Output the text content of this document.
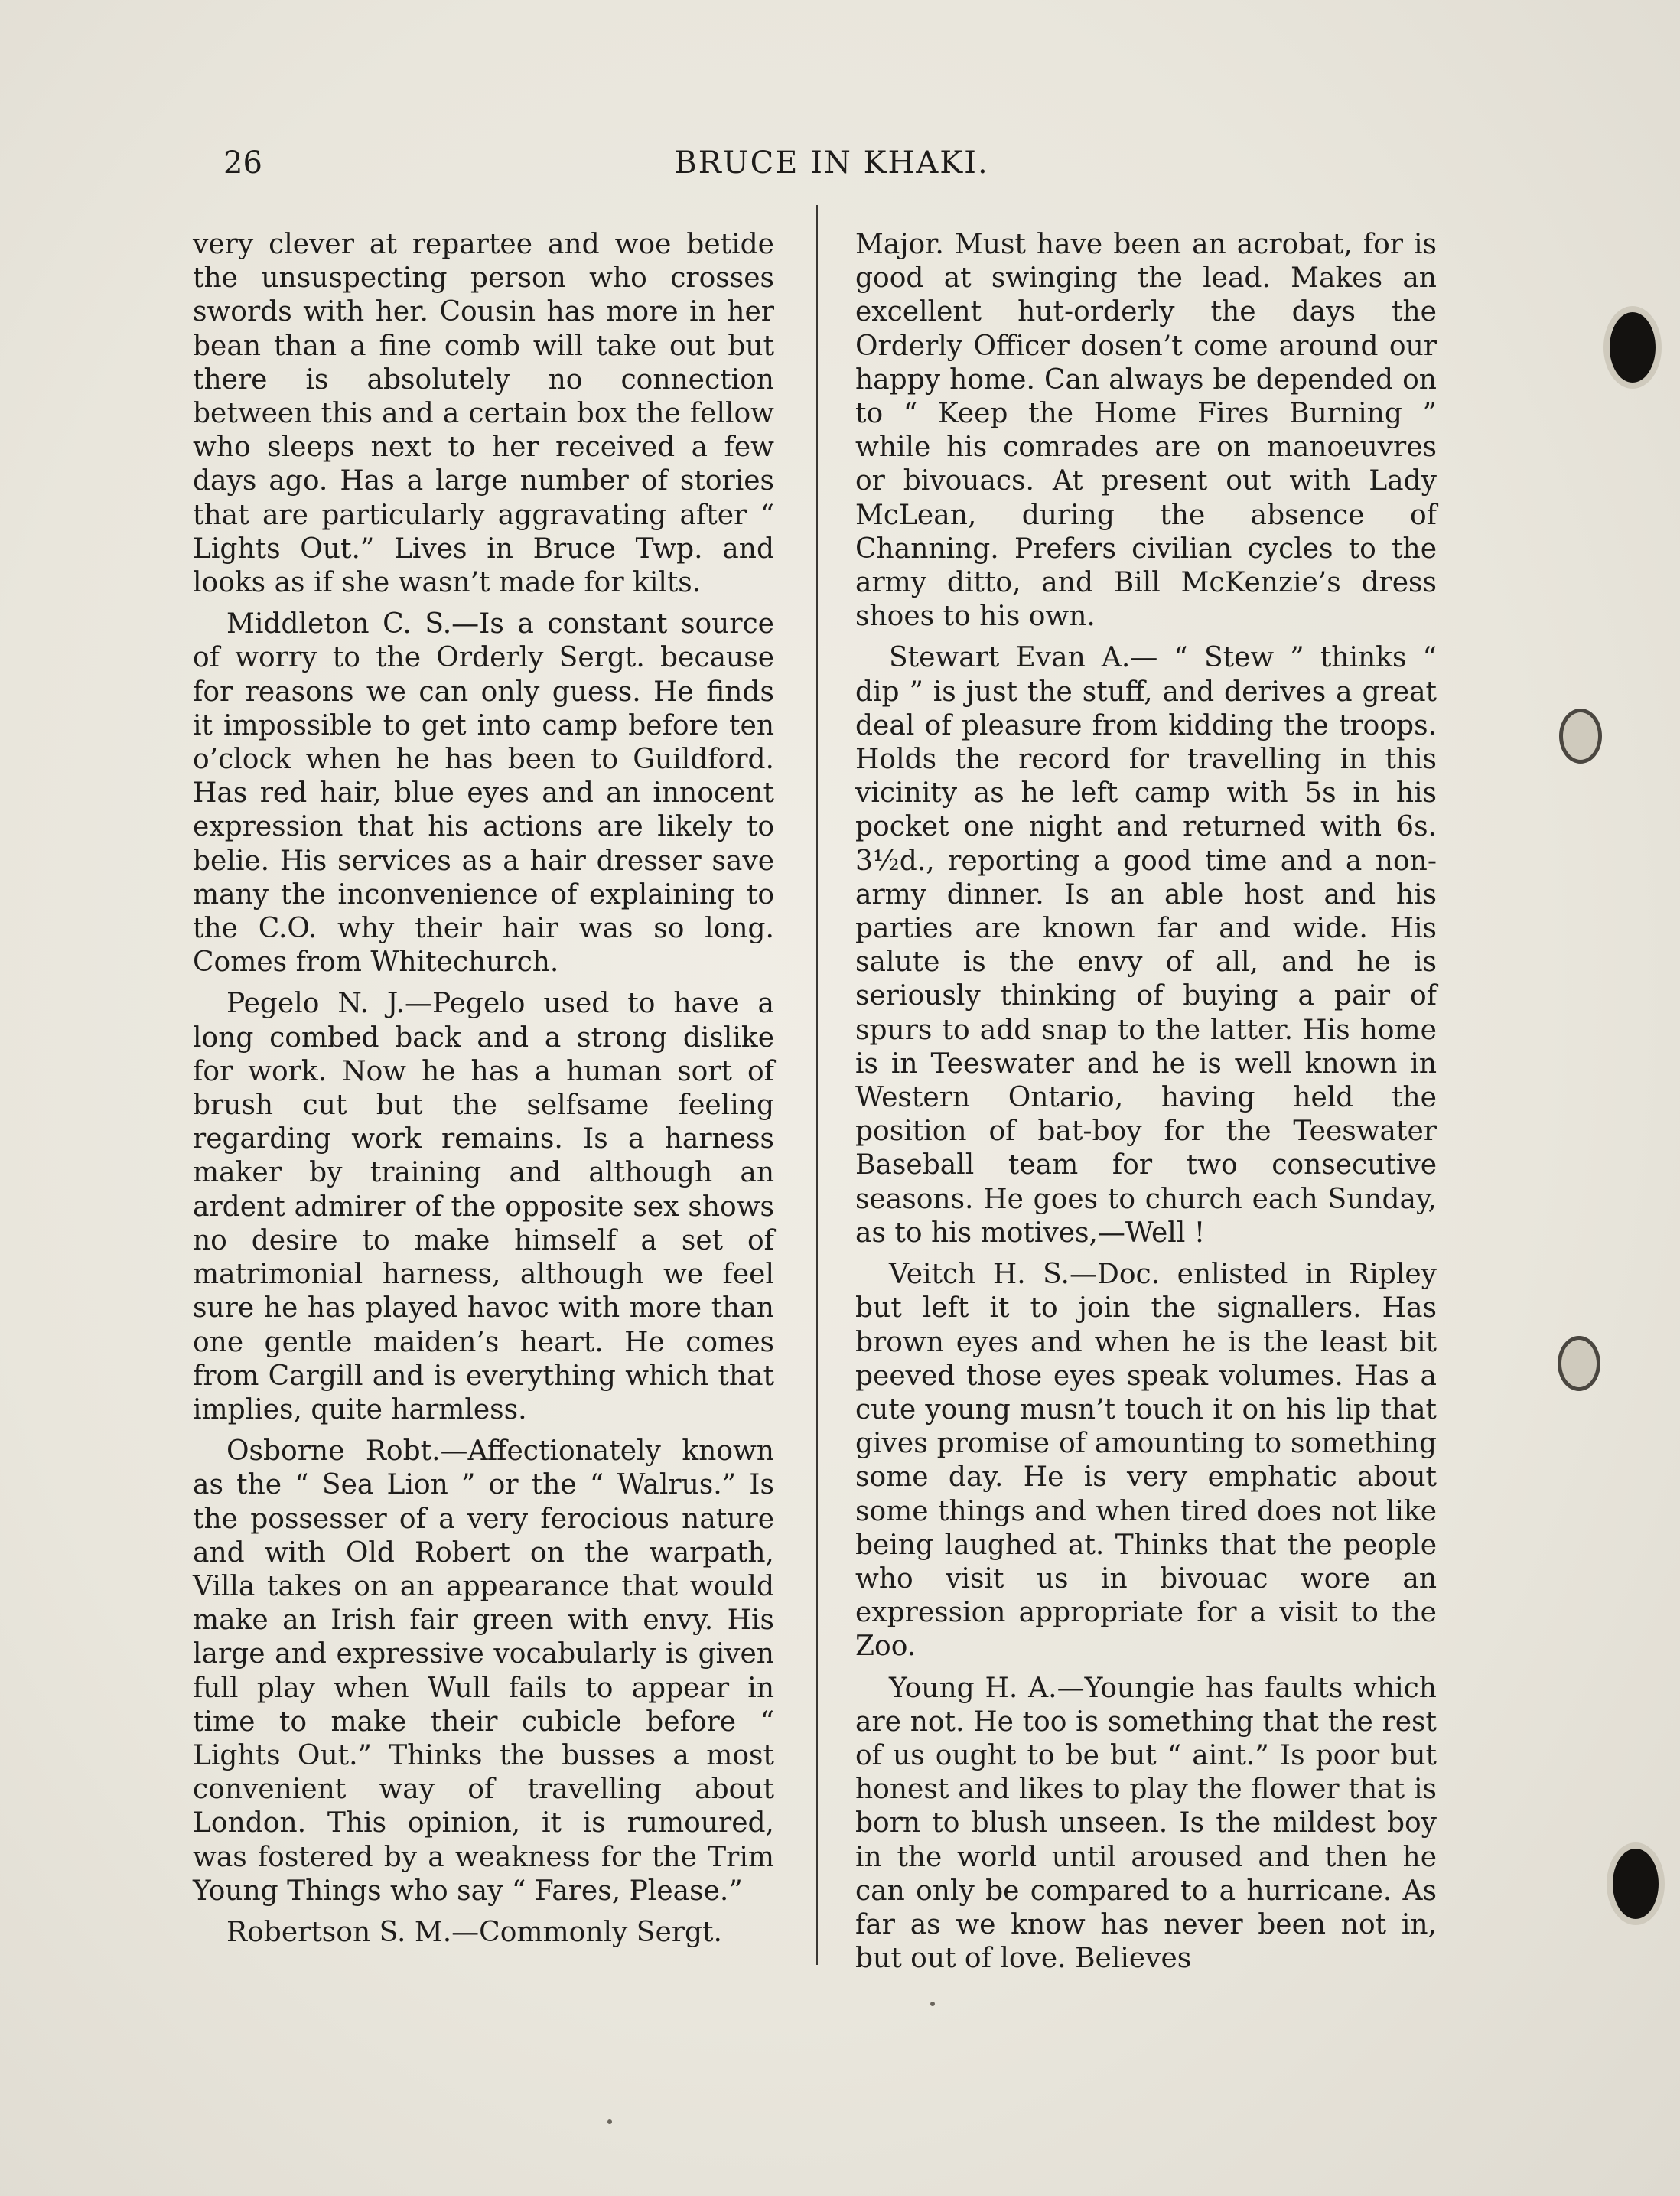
26	BRUCE IN KHAKI.

very clever at repartee and woe betide the unsuspecting person who crosses swords with her. Cousin has more in her bean than a fine comb will take out but there is absolutely no connection between this and a certain box the fellow who sleeps next to her received a few days ago. Has a large number of stories that are particularly aggravating after “ Lights Out.” Lives in Bruce Twp. and looks as if she wasn’t made for kilts.

Middleton C. S.—Is a constant source of worry to the Orderly Sergt. because for reasons we can only guess. He finds it impossible to get into camp before ten o’clock when he has been to Guildford. Has red hair, blue eyes and an innocent expression that his actions are likely to belie. His services as a hair dresser save many the inconvenience of explaining to the C.O. why their hair was so long. Comes from Whitechurch.

Pegelo N. J.—Pegelo used to have a long combed back and a strong dislike for work. Now he has a human sort of brush cut but the selfsame feeling regarding work remains. Is a harness maker by training and although an ardent admirer of the opposite sex shows no desire to make himself a set of matrimonial harness, although we feel sure he has played havoc with more than one gentle maiden’s heart. He comes from Cargill and is everything which that implies, quite harmless.

Osborne Robt.—Affectionately known as the “ Sea Lion ” or the “ Walrus.” Is the possesser of a very ferocious nature and with Old Robert on the warpath, Villa takes on an appearance that would make an Irish fair green with envy. His large and expressive vocabularly is given full play when Wull fails to appear in time to make their cubicle before “ Lights Out.” Thinks the busses a most convenient way of travelling about London. This opinion, it is rumoured, was fostered by a weakness for the Trim Young Things who say “ Fares, Please.”

Robertson S. M.—Commonly Sergt.

Major. Must have been an acrobat, for is good at swinging the lead. Makes an excellent hut-orderly the days the Orderly Officer dosen’t come around our happy home. Can always be depended on to “ Keep the Home Fires Burning ” while his comrades are on manoeuvres or bivouacs. At present out with Lady McLean, during the absence of Channing. Prefers civilian cycles to the army ditto, and Bill McKenzie’s dress shoes to his own.

Stewart Evan A.— “ Stew ” thinks “ dip ” is just the stuff, and derives a great deal of pleasure from kidding the troops. Holds the record for travelling in this vicinity as he left camp with 5s in his pocket one night and returned with 6s. 3½d., reporting a good time and a non-army dinner. Is an able host and his parties are known far and wide. His salute is the envy of all, and he is seriously thinking of buying a pair of spurs to add snap to the latter. His home is in Teeswater and he is well known in Western Ontario, having held the position of bat-boy for the Teeswater Baseball team for two consecutive seasons. He goes to church each Sunday, as to his motives,—Well !

Veitch H. S.—Doc. enlisted in Ripley but left it to join the signallers. Has brown eyes and when he is the least bit peeved those eyes speak volumes. Has a cute young musn’t touch it on his lip that gives promise of amounting to something some day. He is very emphatic about some things and when tired does not like being laughed at. Thinks that the people who visit us in bivouac wore an expression appropriate for a visit to the Zoo.

Young H. A.—Youngie has faults which are not. He too is something that the rest of us ought to be but “ aint.” Is poor but honest and likes to play the flower that is born to blush unseen. Is the mildest boy in the world until aroused and then he can only be compared to a hurricane. As far as we know has never been not in, but out of love. Believes
